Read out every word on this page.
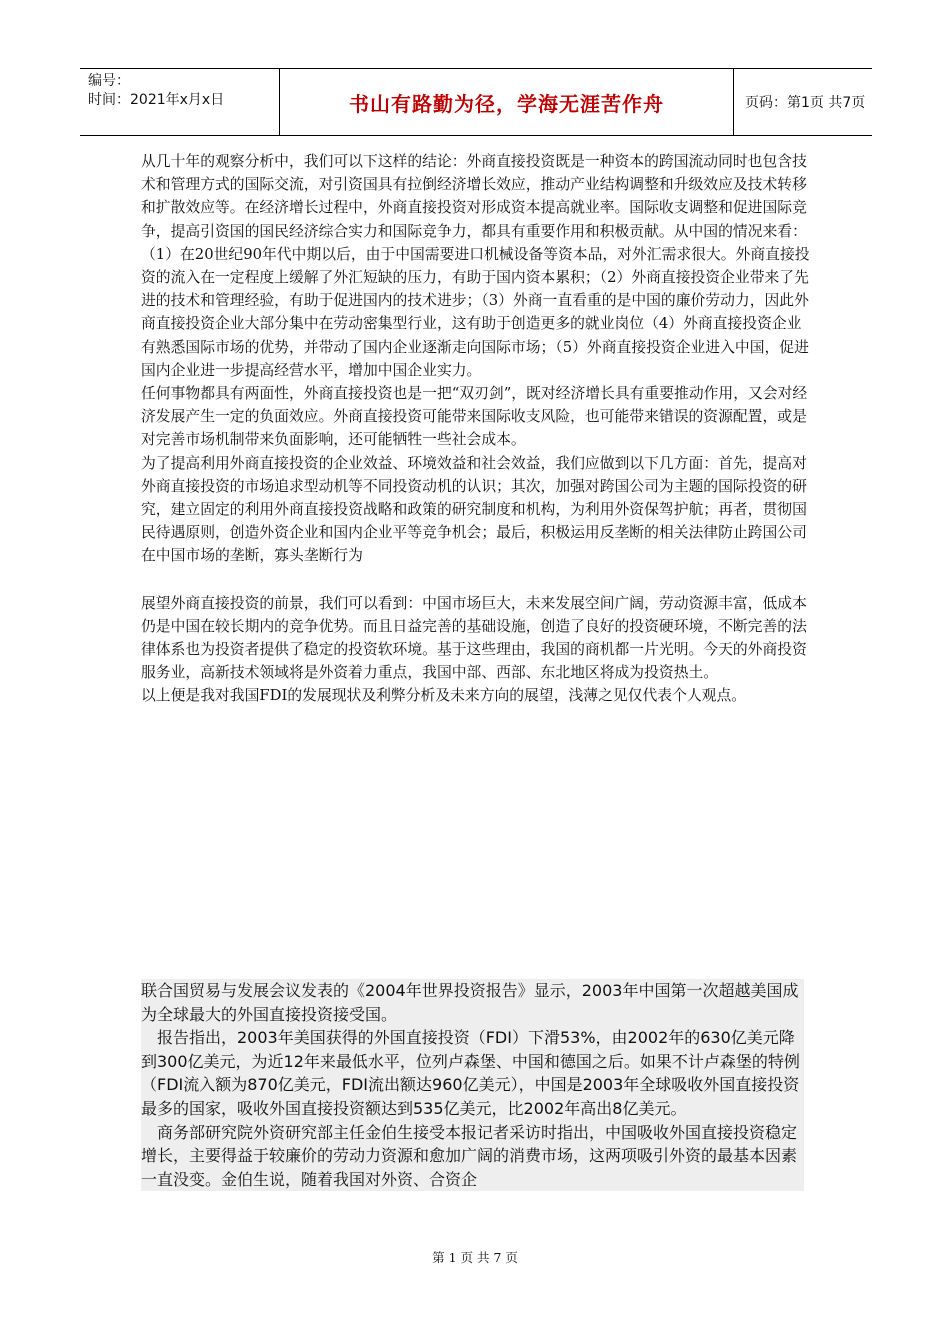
编号：
时间：2021年x月x日	书山有路勤为径，学海无涯苦作舟	页码：第1页 共7页

从几十年的观察分析中，我们可以下这样的结论：外商直接投资既是一种资本的跨国流动同时也包含技术和管理方式的国际交流，对引资国具有拉倒经济增长效应，推动产业结构调整和升级效应及技术转移和扩散效应等。在经济增长过程中，外商直接投资对形成资本提高就业率。国际收支调整和促进国际竞争，提高引资国的国民经济综合实力和国际竞争力，都具有重要作用和积极贡献。从中国的情况来看：（1）在20世纪90年代中期以后，由于中国需要进口机械设备等资本品，对外汇需求很大。外商直接投资的流入在一定程度上缓解了外汇短缺的压力，有助于国内资本累积；（2）外商直接投资企业带来了先进的技术和管理经验，有助于促进国内的技术进步；（3）外商一直看重的是中国的廉价劳动力，因此外商直接投资企业大部分集中在劳动密集型行业，这有助于创造更多的就业岗位（4）外商直接投资企业有熟悉国际市场的优势，并带动了国内企业逐渐走向国际市场；（5）外商直接投资企业进入中国，促进国内企业进一步提高经营水平，增加中国企业实力。

任何事物都具有两面性，外商直接投资也是一把“双刃剑”，既对经济增长具有重要推动作用，又会对经济发展产生一定的负面效应。外商直接投资可能带来国际收支风险，也可能带来错误的资源配置，或是对完善市场机制带来负面影响，还可能牺牲一些社会成本。

为了提高利用外商直接投资的企业效益、环境效益和社会效益，我们应做到以下几方面：首先，提高对外商直接投资的市场追求型动机等不同投资动机的认识；其次，加强对跨国公司为主题的国际投资的研究，建立固定的利用外商直接投资战略和政策的研究制度和机构，为利用外资保驾护航；再者，贯彻国民待遇原则，创造外资企业和国内企业平等竞争机会；最后，积极运用反垄断的相关法律防止跨国公司在中国市场的垄断，寡头垄断行为

展望外商直接投资的前景，我们可以看到：中国市场巨大，未来发展空间广阔，劳动资源丰富，低成本仍是中国在较长期内的竞争优势。而且日益完善的基础设施，创造了良好的投资硬环境，不断完善的法律体系也为投资者提供了稳定的投资软环境。基于这些理由，我国的商机都一片光明。今天的外商投资服务业，高新技术领域将是外资着力重点，我国中部、西部、东北地区将成为投资热土。

以上便是我对我国FDI的发展现状及利弊分析及未来方向的展望，浅薄之见仅代表个人观点。

联合国贸易与发展会议发表的《2004年世界投资报告》显示，2003年中国第一次超越美国成为全球最大的外国直接投资接受国。

　报告指出，2003年美国获得的外国直接投资（FDI）下滑53%，由2002年的630亿美元降到300亿美元，为近12年来最低水平，位列卢森堡、中国和德国之后。如果不计卢森堡的特例（FDI流入额为870亿美元，FDI流出额达960亿美元），中国是2003年全球吸收外国直接投资最多的国家，吸收外国直接投资额达到535亿美元，比2002年高出8亿美元。

　商务部研究院外资研究部主任金伯生接受本报记者采访时指出，中国吸收外国直接投资稳定增长，主要得益于较廉价的劳动力资源和愈加广阔的消费市场，这两项吸引外资的最基本因素一直没变。金伯生说，随着我国对外资、合资企

第 1 页 共 7 页
